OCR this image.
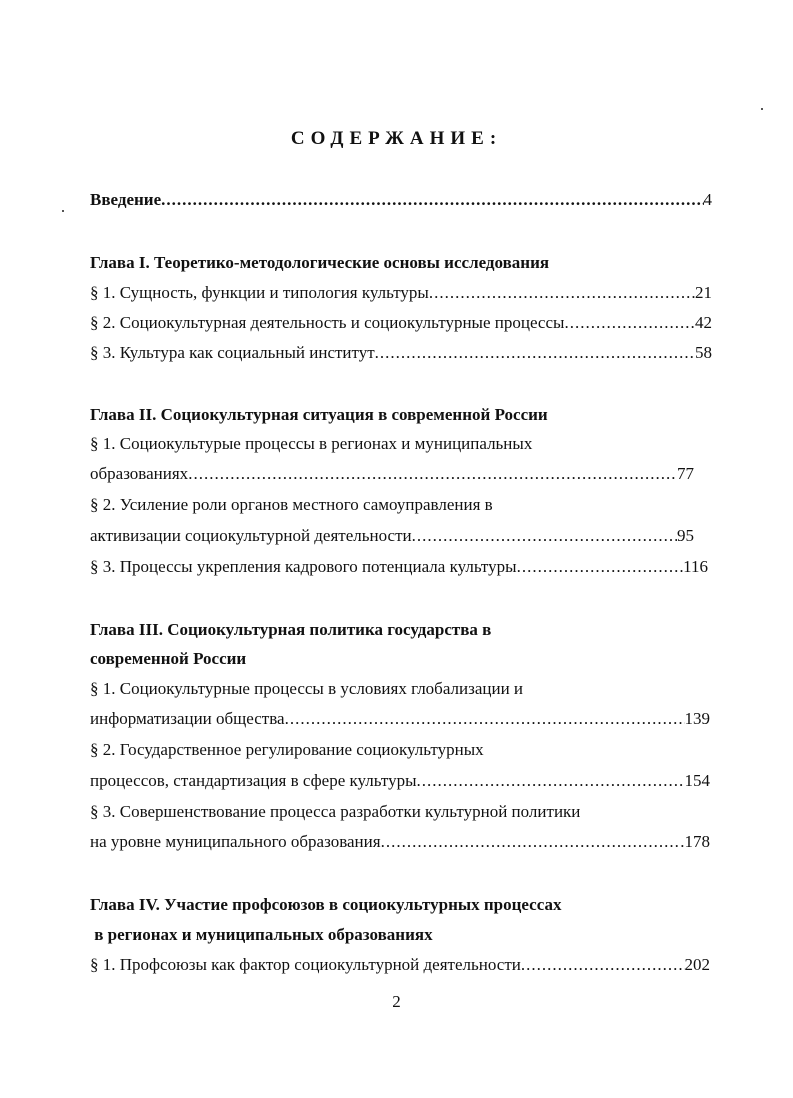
СОДЕРЖАНИЕ:
Введение .....	4
Глава I. Теоретико-методологические основы исследования
§ 1. Сущность, функции и типология культуры .....	21
§ 2. Социокультурная деятельность и социокультурные процессы .....	42
§ 3. Культура как социальный институт .....	58
Глава II. Социокультурная ситуация в современной России
§ 1. Социокультурые процессы в регионах и муниципальных
образованиях .....	77
§ 2. Усиление роли органов местного самоуправления в
активизации социокультурной деятельности .....	95
§ 3. Процессы укрепления кадрового потенциала культуры .....	116
Глава III. Социокультурная политика государства в
современной России
§ 1. Социокультурные процессы в условиях глобализации и
информатизации общества .....	139
§ 2. Государственное регулирование социокультурных
процессов, стандартизация в сфере культуры .....	154
§ 3. Совершенствование процесса разработки культурной политики
на уровне муниципального образования .....	.178
Глава IV. Участие профсоюзов в социокультурных процессах
в регионах и муниципальных образованиях
§ 1. Профсоюзы как фактор социокультурной деятельности .....	202
2
